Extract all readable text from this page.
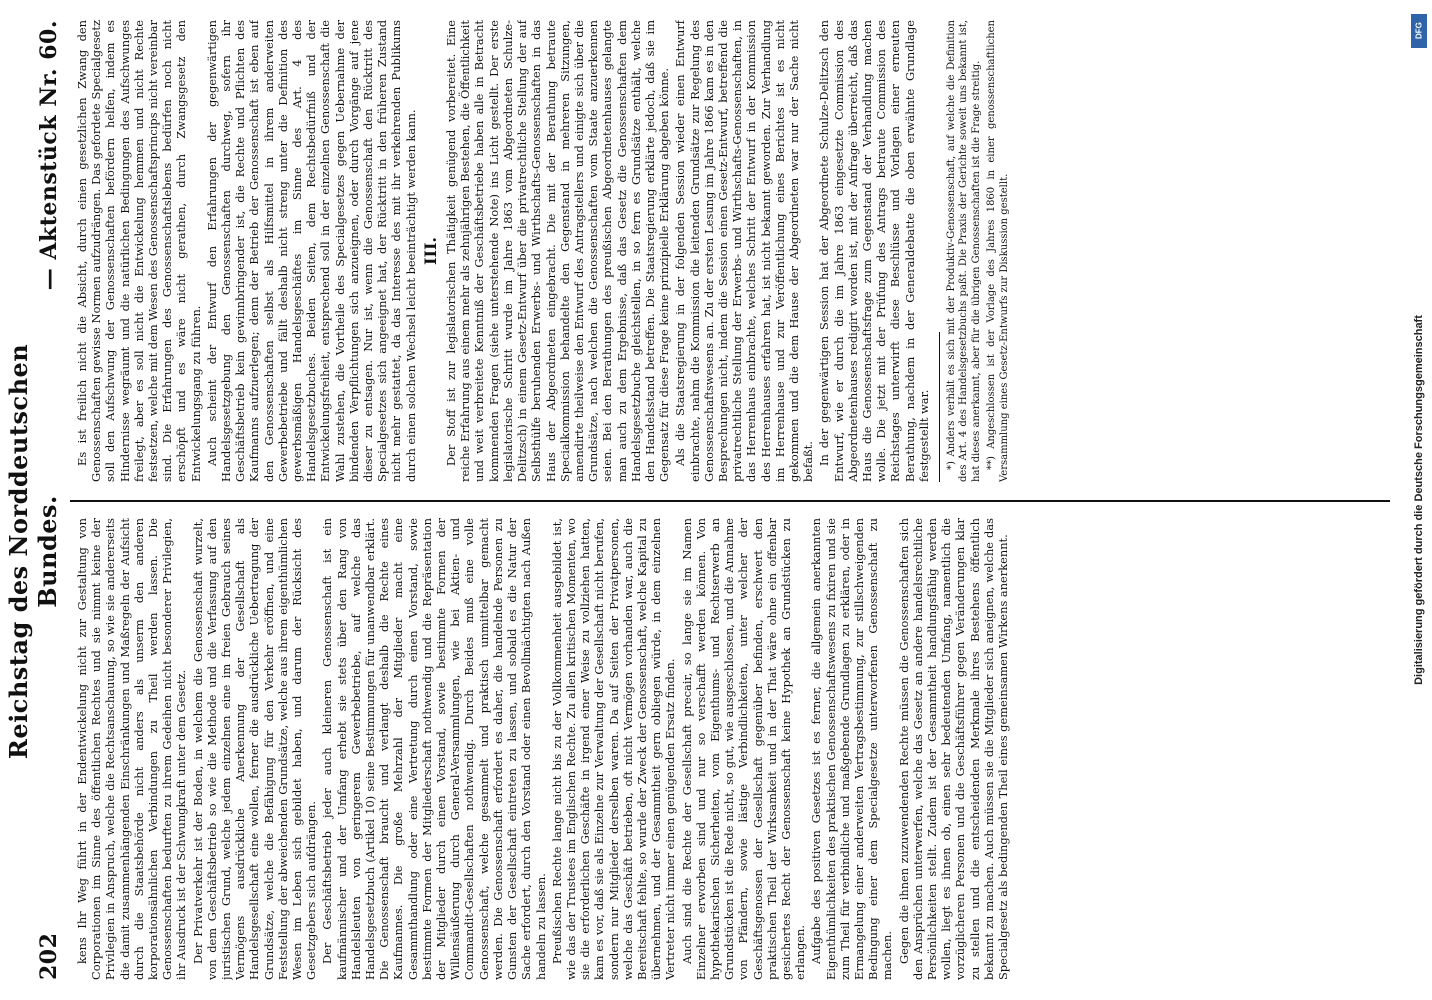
202
Reichstag des Norddeutschen Bundes.
— Aktenstück Nr. 60.

kens Ihr Weg führt in der Endentwickelung nicht zur Gestaltung von Corporationen im Sinne des öffentlichen Rechtes und sie nimmt keine der Privilegien in Anspruch, welche die Rechtsanschauung, so wie sie andererseits die damit zusammenhängenden Einschränkungen und Maßregeln der Aufsicht durch die Staatsbehörde nicht anders als unserm den anderen korporationsähnlichen Verbindungen zu Theil werden lassen. Die Genossenschaften bedurften zu ihrem Gedeihen nicht besonderer Privilegien, ihr Ausdruck ist der Schwungkraft unter dem Gesetz. Der Privatverkehr ist der Boden, in welchem die Genossenschaft wurzelt, von dem Geschäftsbetrieb so wie die Methode und die Verfassung auf den juristischen Grund, welche jedem einzelnen eine im freien Gebrauch seines Vermögens ausdrückliche Anerkennung der Gesellschaft als Handelsgesellschaft eine wollen, ferner die ausdrückliche Uebertragung der Grundsätze, welche die Befähigung für den Verkehr eröffnen, und eine Feststellung der abweichenden Grundsätze, welche aus ihrem eigenthümlichen Wesen im Leben sich gebildet haben, und darum der Rücksicht des Gesetzgebers sich aufdrängen. Der Geschäftsbetrieb jeder auch kleineren Genossenschaft ist ein kaufmännischer und der Umfang erhebt sie stets über den Rang von Handelsleuten von geringerem Gewerbebetriebe, auf welche das Handelsgesetzbuch (Artikel 10) seine Bestimmungen für unanwendbar erklärt. Die Genossenschaft braucht und verlangt deshalb die Rechte eines Kaufmannes. Die große Mehrzahl der Mitglieder macht eine Gesammthandlung oder eine Vertretung durch einen Vorstand, sowie bestimmte Formen der Mitgliederschaft nothwendig und die Repräsentation der Mitglieder durch einen Vorstand, sowie bestimmte Formen der Willensäußerung durch General-Versammlungen, wie bei Aktien- und Commandit-Gesellschaften nothwendig. Durch Beides muß eine volle Genossenschaft, welche gesammelt und praktisch unmittelbar gemacht werden. Die Genossenschaft erfordert es daher, die handelnde Personen zu Gunsten der Gesellschaft eintreten zu lassen, und sobald es die Natur der Sache erfordert, durch den Vorstand oder einen Bevollmächtigten nach Außen handeln zu lassen. Preußischen Rechte lange nicht bis zu der Vollkommenheit ausgebildet ist, wie das der Trustees im Englischen Rechte. Zu allen kritischen Momenten, wo sie die erforderlichen Geschäfte in irgend einer Weise zu vollziehen hatten, kam es vor, daß sie als Einzelne zur Verwaltung der Gesellschaft nicht berufen, sondern nur Mitglieder derselben waren. Da auf Seiten der Privatpersonen, welche das Geschäft betrieben, oft nicht Vermögen vorhanden war, auch die Bereitschaft fehlte, so wurde der Zweck der Genossenschaft, welche Kapital zu übernehmen, und der Gesammtheit gern obliegen würde, in dem einzelnen Vertreter nicht immer einen genügenden Ersatz finden. Auch sind die Rechte der Gesellschaft precair, so lange sie im Namen Einzelner erworben sind und nur so verschafft werden können. Von hypothekarischen Sicherheiten, vom Eigenthums- und Rechtserwerb an Grundstücken ist die Rede nicht, so gut, wie ausgeschlossen, und die Annahme von Pfändern, sowie lästige Verbindlichkeiten, unter welcher der Geschäftsgenossen der Gesellschaft gegenüber befinden, erschwert den praktischen Theil der Wirksamkeit und in der That wäre ohne ein offenbar gesichertes Recht der Genossenschaft keine Hypothek an Grundstücken zu erlangen. Aufgabe des positiven Gesetzes ist es ferner, die allgemein anerkannten Eigenthümlichkeiten des praktischen Genossenschaftswesens zu fixiren und sie zum Theil für verbindliche und maßgebende Grundlagen zu erklären, oder in Ermangelung einer anderweiten Vertragsbestimmung, zur stillschweigenden Bedingung einer dem Specialgesetze unterworfenen Genossenschaft zu machen. Gegen die ihnen zuzuwendenden Rechte müssen die Genossenschaften sich den Ansprüchen unterwerfen, welche das Gesetz an andere handelsrechtliche Persönlichkeiten stellt. Zudem ist der Gesammtheit handlungsfähig werden wollen, liegt es ihnen ob, einen sehr bedeutenden Umfang, namentlich die vorzüglicheren Personen und die Geschäftsführer gegen Veränderungen klar zu stellen und die entscheidenden Merkmale ihres Bestehens öffentlich bekannt zu machen. Auch müssen sie die Mitglieder sich aneignen, welche das Specialgesetz als bedingenden Theil eines gemeinsamen Wirkens anerkennt.

Es ist freilich nicht die Absicht, durch einen gesetzlichen Zwang den Genossenschaften gewisse Normen aufzudrängen. Das gefordete Specialgesetz soll den Aufschwung der Genossenschaften befördern helfen, indem es Hindernisse wegräumt und die natürlichen Bedingungen des Aufschwunges freilegt, aber es soll nicht die Entwickelung hemmen und nicht Rechte festsetzen, welche mit dem Wesen des Genossenschaftsprincips nicht vereinbar sind. Die Erfahrungen des Genossenschaftslebens bedürfen noch nicht erschöpft und es wäre nicht gerathen, durch Zwangsgesetz den Entwickelungsgang zu führen. Auch scheint der Entwurf den Erfahrungen der gegenwärtigen Handelsgesetzgebung den Genossenschaften durchweg, sofern ihr Geschäftsbetrieb kein gewinnbringender ist, die Rechte und Pflichten des Kaufmanns aufzuerlegen; denn der Betrieb der Genossenschaft ist eben auf den Genossenschaften selbst als Hilfsmittel in ihrem anderweiten Gewerbebetriebe und fällt deshalb nicht streng unter die Definition des gewerbsmäßigen Handelsgeschäftes im Sinne des Art. 4 des Handelsgesetzbuches. Beiden Seiten, dem Rechtsbedürfniß und der Entwickelungsfreiheit, entsprechend soll in der einzelnen Genossenschaft die Wahl zustehen, die Vortheile des Specialgesetzes gegen Uebernahme der bindenden Verpflichtungen sich anzueignen, oder durch Vorgänge auf jene dieser zu entsagen. Nur ist, wenn die Genossenschaft den Rücktritt des Specialgesetzes sich angeeignet hat, der Rücktritt in den früheren Zustand nicht mehr gestattet, da das Interesse des mit ihr verkehrenden Publikums durch einen solchen Wechsel leicht beeinträchtigt werden kann. III. Der Stoff ist zur legislatorischen Thätigkeit genügend vorbereitet. Eine reiche Erfahrung aus einem mehr als zehnjährigen Bestehen, die Öffentlichkeit und weit verbreitete Kenntniß der Geschäftsbetriebe haben alle in Betracht kommenden Fragen (siehe unterstehende Note) ins Licht gestellt. Der erste legislatorische Schritt wurde im Jahre 1863 vom Abgeordneten Schulze-Delitzsch) in einem Gesetz-Entwurf über die privatrechtliche Stellung der auf Selbsthülfe beruhenden Erwerbs- und Wirthschafts-Genossenschaften in das Haus der Abgeordneten eingebracht. Die mit der Berathung betraute Specialkommission behandelte den Gegenstand in mehreren Sitzungen, amendirte theilweise den Entwurf des Antragstellers und einigte sich über die Grundsätze, nach welchen die Genossenschaften vom Staate anzuerkennen seien. Bei den Berathungen des preußischen Abgeordnetenhauses gelangte man auch zu dem Ergebnisse, daß das Gesetz die Genossenschaften dem Handelsgesetzbuche gleichstellen, in so fern es Grundsätze enthält, welche den Handelsstand betreffen. Die Staatsregierung erklärte jedoch, daß sie im Gegensatz für diese Frage keine prinzipielle Erklärung abgeben könne. Als die Staatsregierung in der folgenden Session wieder einen Entwurf einbrachte, nahm die Kommission die leitenden Grundsätze zur Regelung des Genossenschaftswesens an. Zu der ersten Lesung im Jahre 1866 kam es in den Besprechungen nicht, indem die Session einen Gesetz-Entwurf, betreffend die privatrechtliche Stellung der Erwerbs- und Wirthschafts-Genossenschaften, in das Herrenhaus einbrachte, welches Schritt der Entwurf in der Kommission des Herrenhauses erfahren hat, ist nicht bekannt geworden. Zur Verhandlung im Herrenhause und zur Veröffentlichung eines Berichtes ist es nicht gekommen und die dem Hause der Abgeordneten war nur der Sache nicht befaßt. In der gegenwärtigen Session hat der Abgeordnete Schulze-Delitzsch den Entwurf, wie er durch die im Jahre 1863 eingesetzte Commission des Abgeordnetenhauses redigirt worden ist, mit der Anfrage überreicht, daß das Haus die Genossenschaftsfrage zum Gegenstand der Verhandlung machen wolle. Die jetzt mit der Prüfung des Antrags betraute Commission des Reichstages unterwirft diese Beschlüsse und Vorlagen einer erneuten Berathung, nachdem in der Generaldebatte die oben erwähnte Grundlage festgestellt war. *) Anders verhält es sich mit der Produktiv-Genossenschaft, auf welche die Definition des Art. 4 des Handelsgesetzbuchs paßt. Die Praxis der Gerichte soweit uns bekannt ist, hat dieses anerkannt, aber für die übrigen Genossenschaften ist die Frage streitig. **) Angeschlossen ist der Vorlage des Jahres 1860 in einer genossenschaftlichen Versammlung eines Gesetz-Entwurfs zur Diskussion gestellt.

DFG
Digitalisierung gefördert durch die Deutsche Forschungsgemeinschaft
